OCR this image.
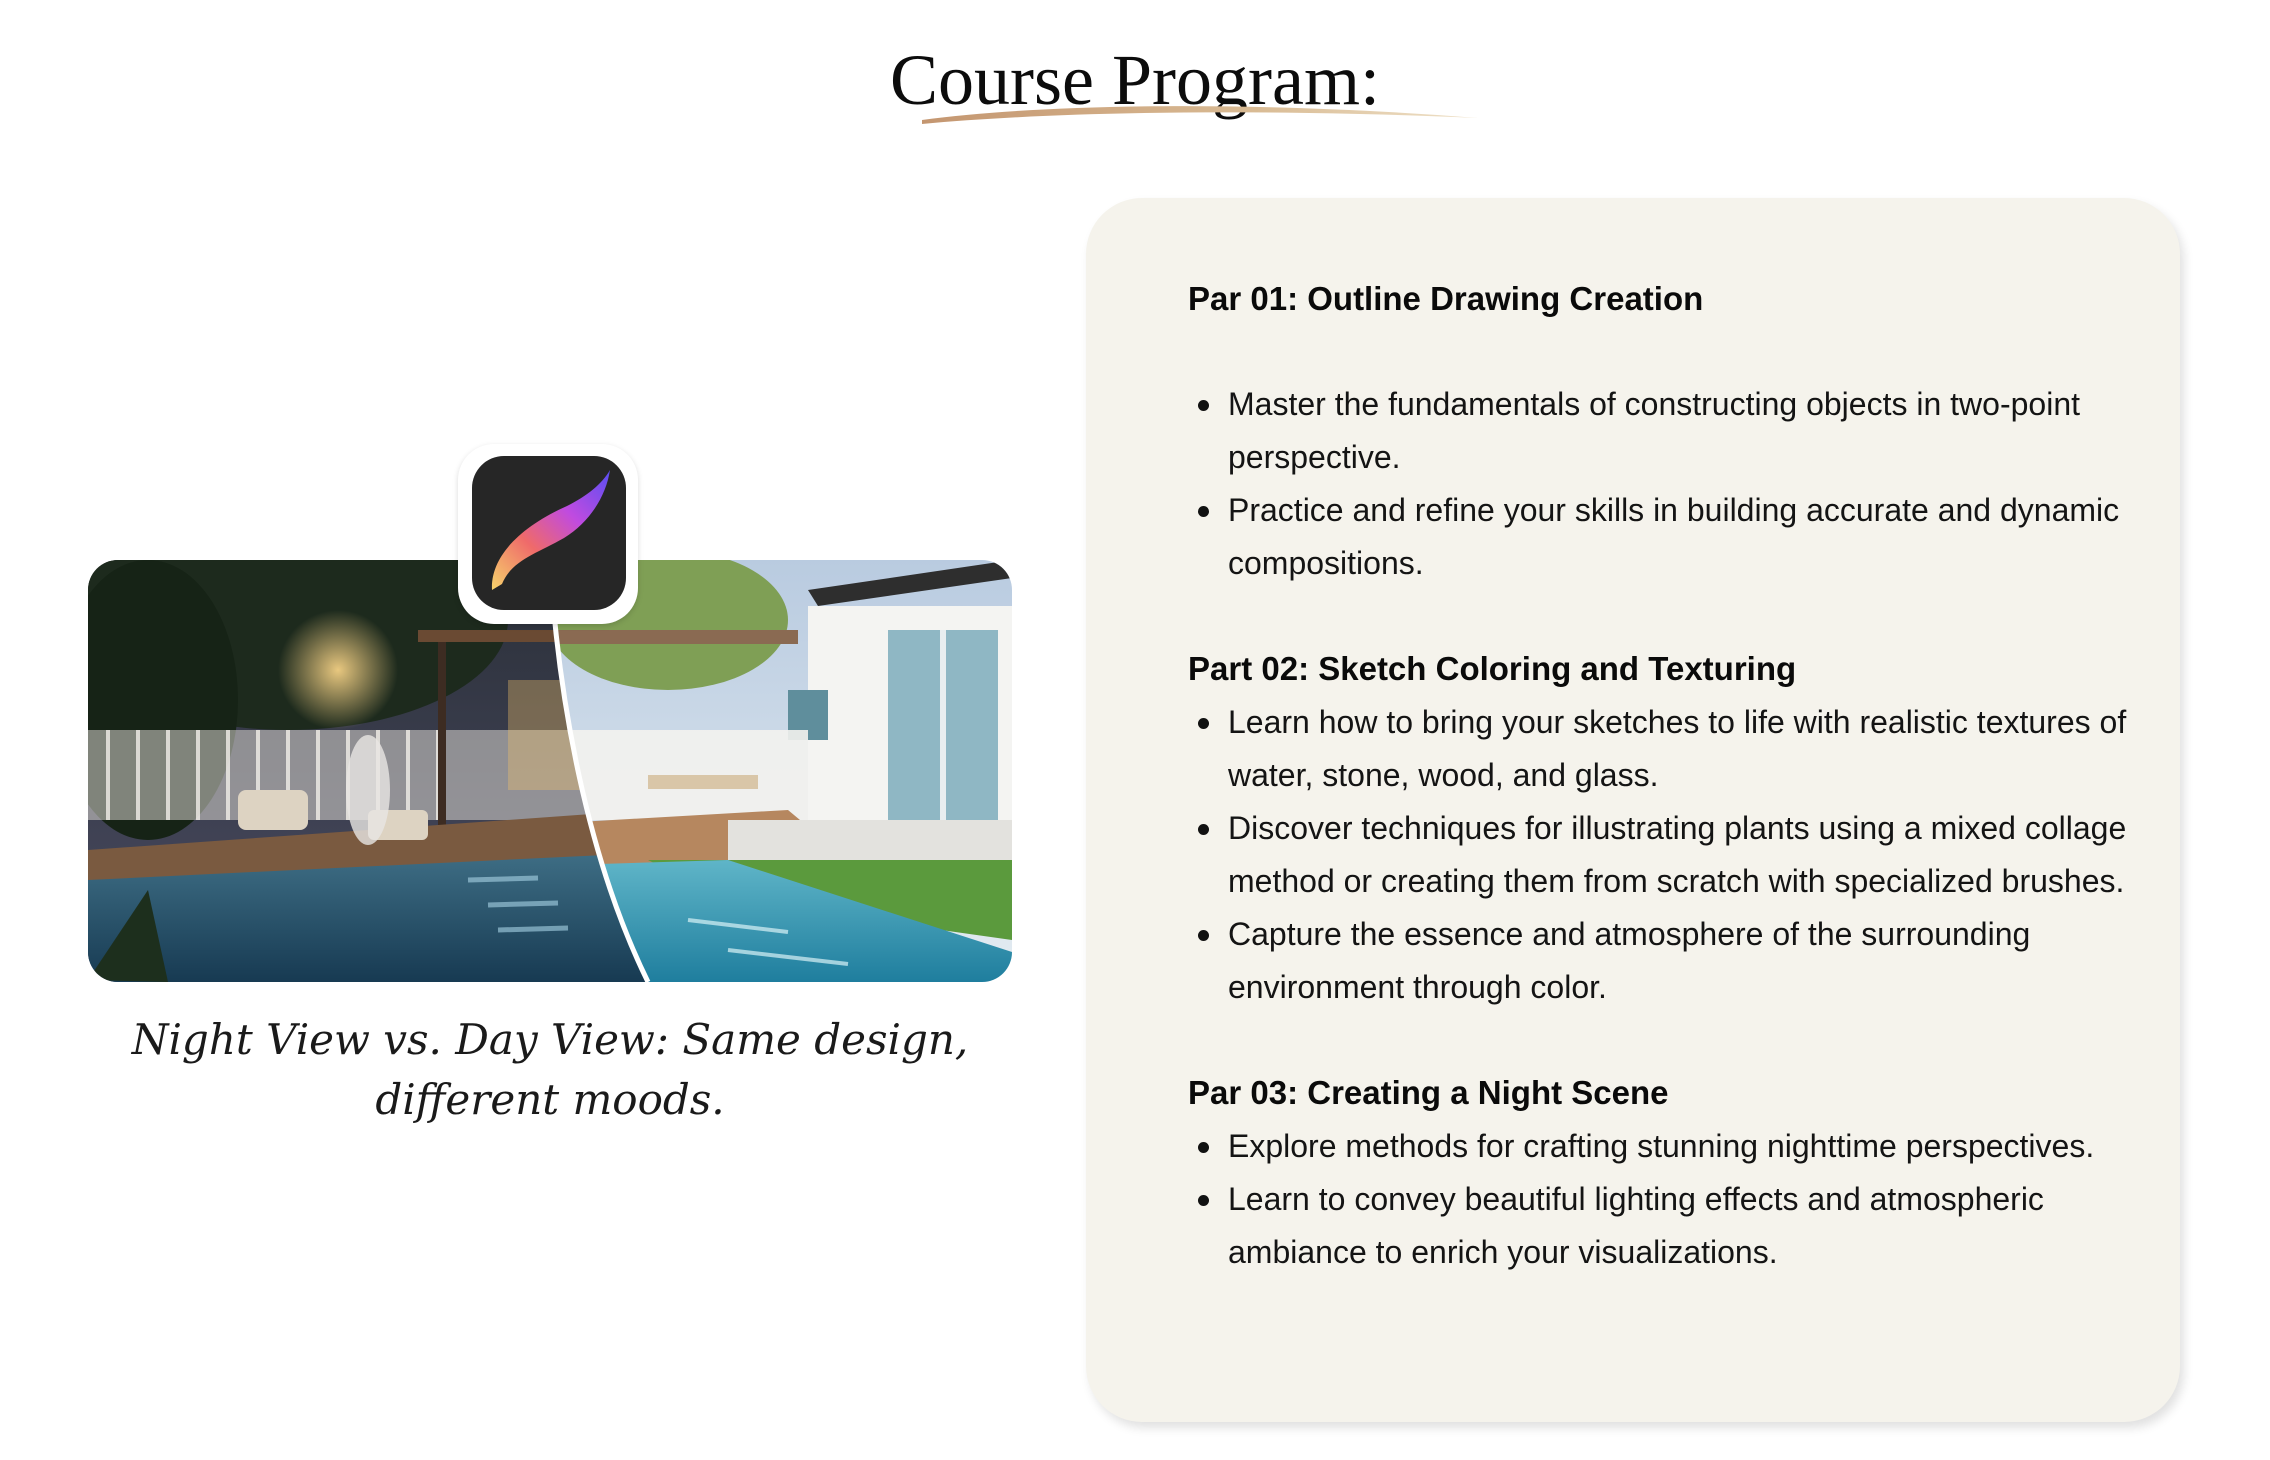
Course Program:
Night View vs. Day View: Same design, different moods.
Par 01: Outline Drawing Creation
Master the fundamentals of constructing objects in two-point perspective.
Practice and refine your skills in building accurate and dynamic compositions.
Part 02: Sketch Coloring and Texturing
Learn how to bring your sketches to life with realistic textures of water, stone, wood, and glass.
Discover techniques for illustrating plants using a mixed collage method or creating them from scratch with specialized brushes.
Capture the essence and atmosphere of the surrounding environment through color.
Par 03: Creating a Night Scene
Explore methods for crafting stunning nighttime perspectives.
Learn to convey beautiful lighting effects and atmospheric ambiance to enrich your visualizations.
